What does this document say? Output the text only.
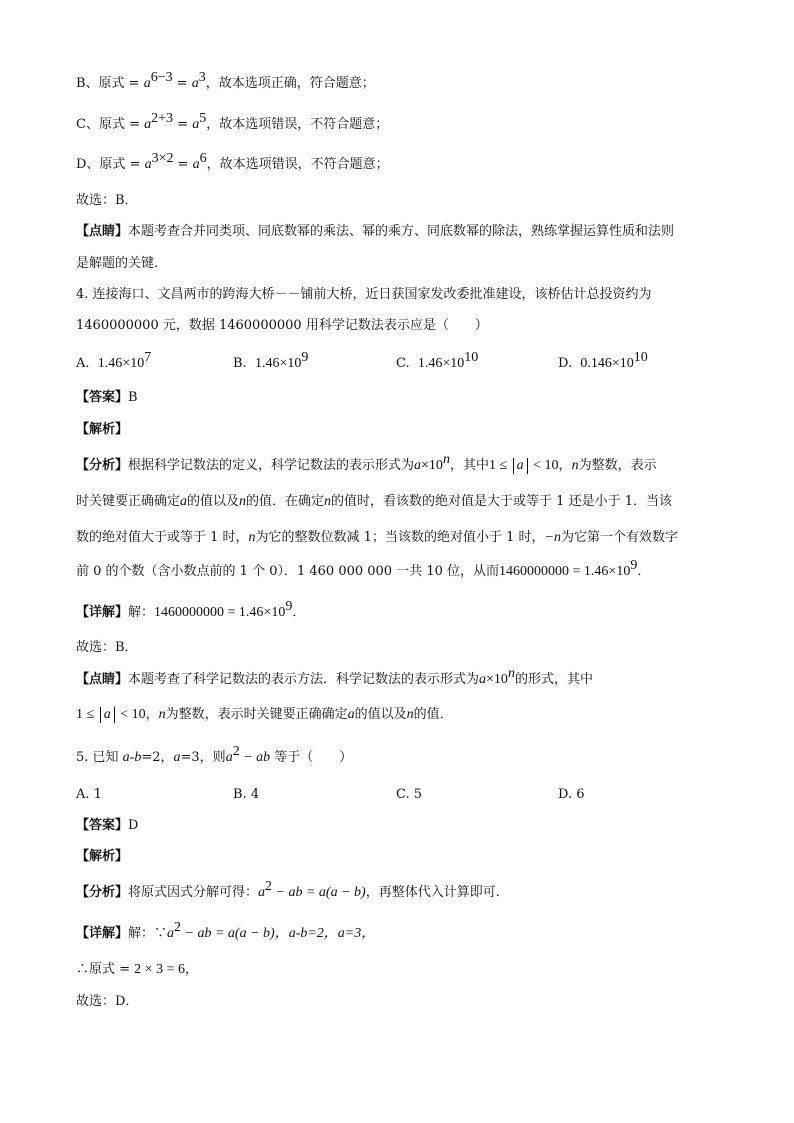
B、原式 = $a^{6-3} = a^3$，故本选项正确，符合题意；
C、原式 = $a^{2+3} = a^5$，故本选项错误，不符合题意；
D、原式 = $a^{3\times 2} = a^6$，故本选项错误，不符合题意；
故选：B．
【点睛】本题考查合并同类项、同底数幂的乘法、幂的乘方、同底数幂的除法，熟练掌握运算性质和法则
是解题的关键．
4. 连接海口、文昌两市的跨海大桥－－铺前大桥，近日获国家发改委批准建设，该桥估计总投资约为
1460000000 元，数据 1460000000 用科学记数法表示应是（　　）
A. $1.46\times 10^7$	B. $1.46\times 10^9$	C. $1.46\times 10^{10}$	D. $0.146\times 10^{10}$
【答案】B
【解析】
【分析】根据科学记数法的定义，科学记数法的表示形式为$a\times 10^n$，其中1 ≤ a < 10，n为整数，表示
时关键要正确确定a的值以及n的值．在确定n的值时，看该数的绝对值是大于或等于 1 还是小于 1．当该
数的绝对值大于或等于 1 时，n为它的整数位数减 1；当该数的绝对值小于 1 时，−n为它第一个有效数字
前 0 的个数（含小数点前的 1 个 0）．1 460 000 000 一共 10 位，从而$1460000000 = 1.46\times 10^9$．
【详解】解：$1460000000 = 1.46\times 10^9$．
故选：B．
【点睛】本题考查了科学记数法的表示方法．科学记数法的表示形式为$a\times 10^n$的形式，其中
1 ≤ a < 10，n为整数，表示时关键要正确确定a的值以及n的值．
5. 已知 a-b=2，a=3，则$a^2$ − ab 等于（　　）
A. 1	B. 4	C. 5	D. 6
【答案】D
【解析】
【分析】将原式因式分解可得：$a^2$ − ab = a(a − b)，再整体代入计算即可．
【详解】解：$\because a^2$ − ab = a(a − b)，a-b=2，a=3，
∴原式 = 2 × 3 = 6，
故选：D．
